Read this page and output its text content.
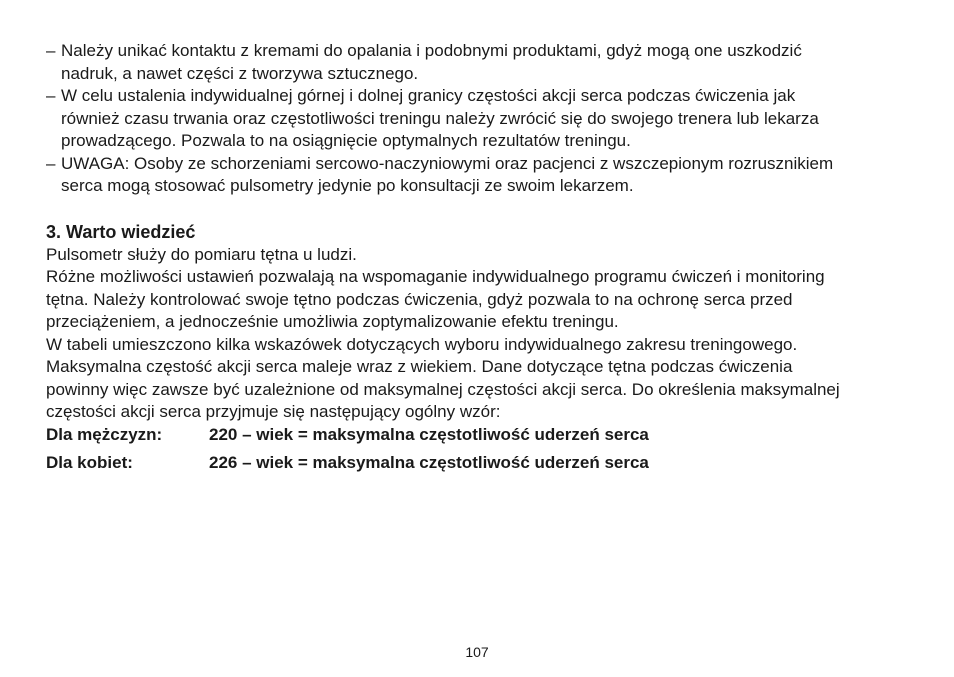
– Należy unikać kontaktu z kremami do opalania i podobnymi produktami, gdyż mogą one uszkodzić
nadruk, a nawet części z tworzywa sztucznego.

– W celu ustalenia indywidualnej górnej i dolnej granicy częstości akcji serca podczas ćwiczenia jak
również czasu trwania oraz częstotliwości treningu należy zwrócić się do swojego trenera lub lekarza
prowadzącego. Pozwala to na osiągnięcie optymalnych rezultatów treningu.

– UWAGA: Osoby ze schorzeniami sercowo-naczyniowymi oraz pacjenci z wszczepionym rozrusznikiem
serca mogą stosować pulsometry jedynie po konsultacji ze swoim lekarzem.

3. Warto wiedzieć
Pulsometr służy do pomiaru tętna u ludzi.
Różne możliwości ustawień pozwalają na wspomaganie indywidualnego programu ćwiczeń i monitoring
tętna. Należy kontrolować swoje tętno podczas ćwiczenia, gdyż pozwala to na ochronę serca przed
przeciążeniem, a jednocześnie umożliwia zoptymalizowanie efektu treningu.
W tabeli umieszczono kilka wskazówek dotyczących wyboru indywidualnego zakresu treningowego.
Maksymalna częstość akcji serca maleje wraz z wiekiem. Dane dotyczące tętna podczas ćwiczenia
powinny więc zawsze być uzależnione od maksymalnej częstości akcji serca. Do określenia maksymalnej
częstości akcji serca przyjmuje się następujący ogólny wzór:
Dla mężczyzn:	220 – wiek = maksymalna częstotliwość uderzeń serca
Dla kobiet:	226 – wiek = maksymalna częstotliwość uderzeń serca
107
